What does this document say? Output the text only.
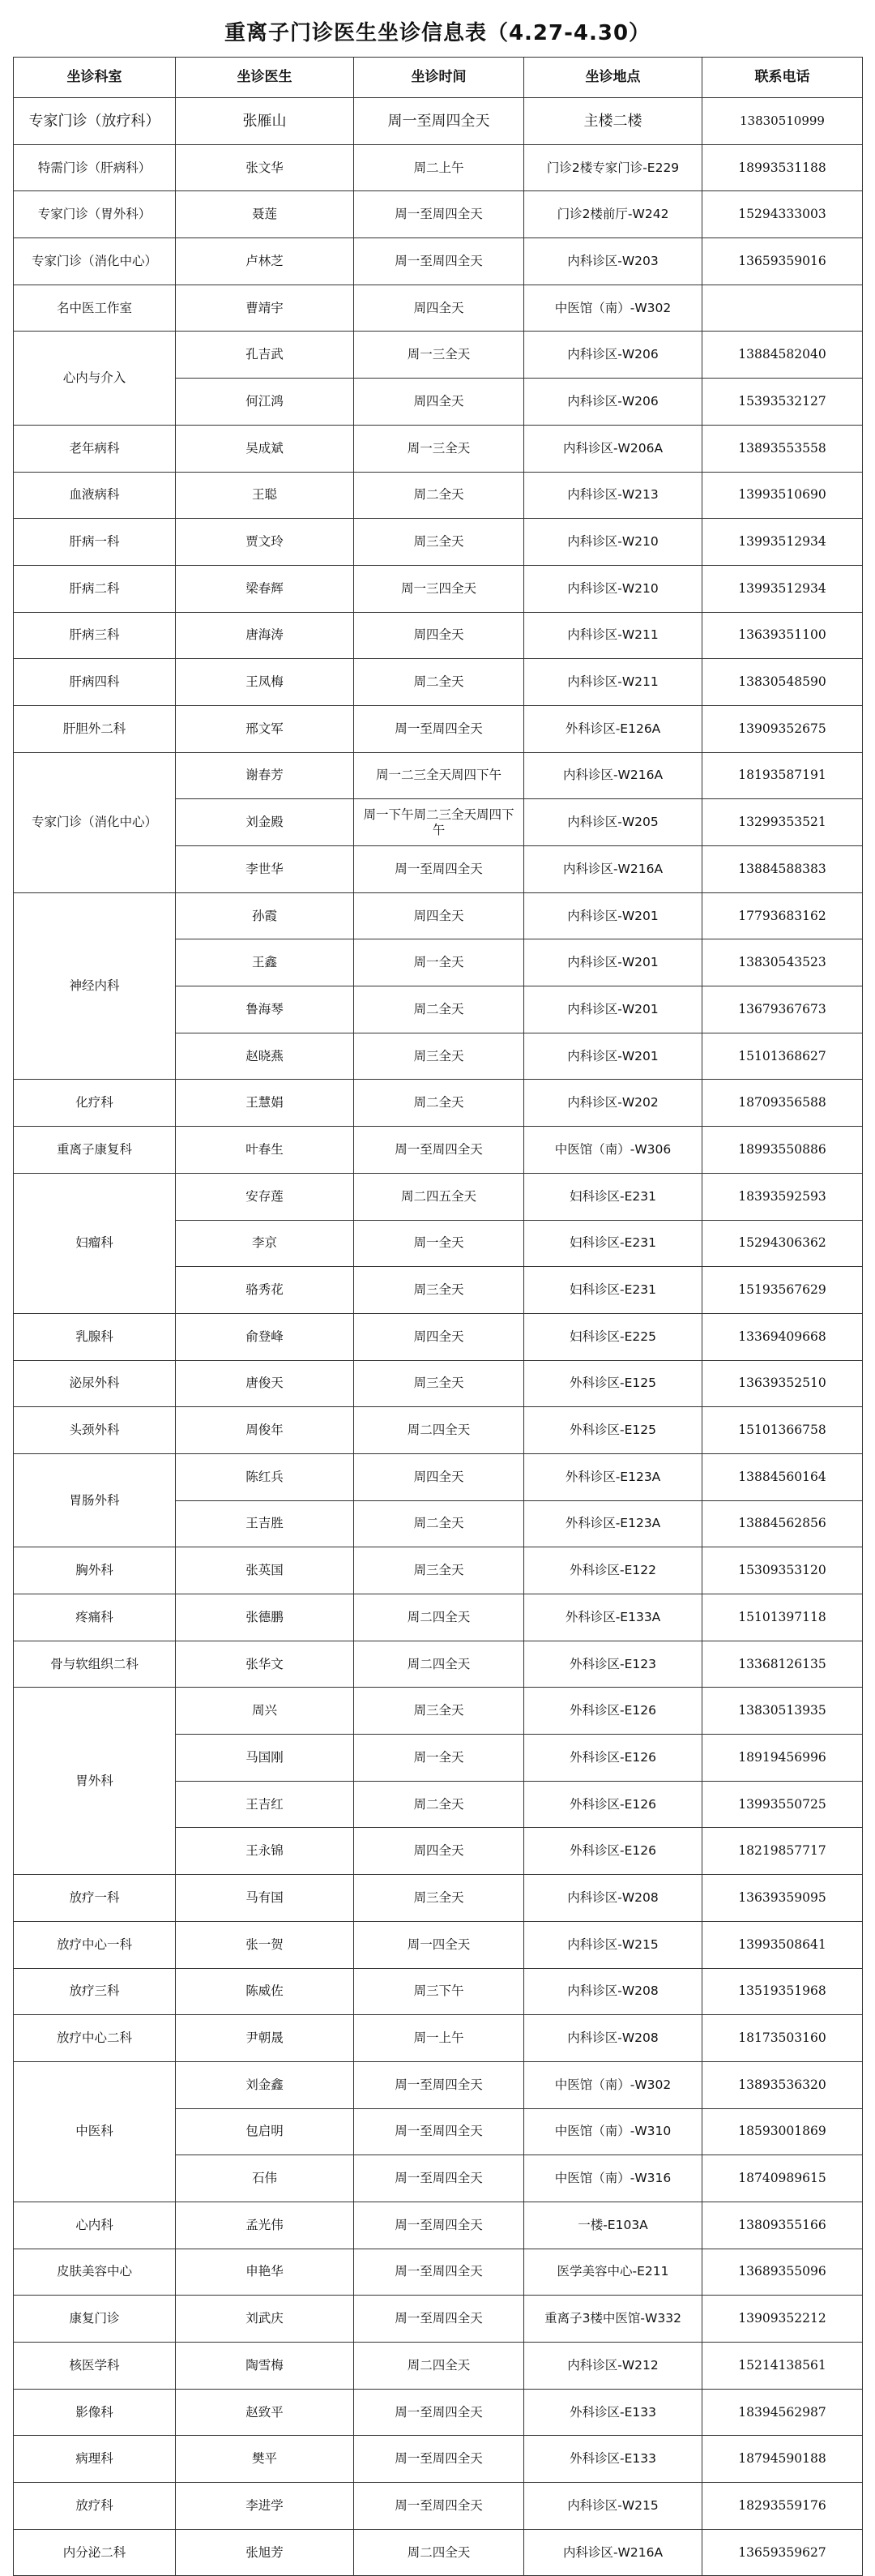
重离子门诊医生坐诊信息表（4.27-4.30）
坐诊科室	坐诊医生	坐诊时间	坐诊地点	联系电话
专家门诊（放疗科）	张雁山	周一至周四全天	主楼二楼	13830510999
特需门诊（肝病科）	张文华	周二上午	门诊2楼专家门诊-E229	18993531188
专家门诊（胃外科）	聂莲	周一至周四全天	门诊2楼前厅-W242	15294333003
专家门诊（消化中心）	卢林芝	周一至周四全天	内科诊区-W203	13659359016
名中医工作室	曹靖宇	周四全天	中医馆（南）-W302	
心内与介入	孔吉武	周一三全天	内科诊区-W206	13884582040
	何江鸿	周四全天	内科诊区-W206	15393532127
老年病科	吴成斌	周一三全天	内科诊区-W206A	13893553558
血液病科	王聪	周二全天	内科诊区-W213	13993510690
肝病一科	贾文玲	周三全天	内科诊区-W210	13993512934
肝病二科	梁春辉	周一三四全天	内科诊区-W210	13993512934
肝病三科	唐海涛	周四全天	内科诊区-W211	13639351100
肝病四科	王凤梅	周二全天	内科诊区-W211	13830548590
肝胆外二科	邢文军	周一至周四全天	外科诊区-E126A	13909352675
专家门诊（消化中心）	谢春芳	周一二三全天周四下午	内科诊区-W216A	18193587191
	刘金殿	周一下午周二三全天周四下午	内科诊区-W205	13299353521
	李世华	周一至周四全天	内科诊区-W216A	13884588383
神经内科	孙霞	周四全天	内科诊区-W201	17793683162
	王鑫	周一全天	内科诊区-W201	13830543523
	鲁海琴	周二全天	内科诊区-W201	13679367673
	赵晓燕	周三全天	内科诊区-W201	15101368627
化疗科	王慧娟	周二全天	内科诊区-W202	18709356588
重离子康复科	叶春生	周一至周四全天	中医馆（南）-W306	18993550886
妇瘤科	安存莲	周二四五全天	妇科诊区-E231	18393592593
	李京	周一全天	妇科诊区-E231	15294306362
	骆秀花	周三全天	妇科诊区-E231	15193567629
乳腺科	俞登峰	周四全天	妇科诊区-E225	13369409668
泌尿外科	唐俊天	周三全天	外科诊区-E125	13639352510
头颈外科	周俊年	周二四全天	外科诊区-E125	15101366758
胃肠外科	陈红兵	周四全天	外科诊区-E123A	13884560164
	王吉胜	周二全天	外科诊区-E123A	13884562856
胸外科	张英国	周三全天	外科诊区-E122	15309353120
疼痛科	张德鹏	周二四全天	外科诊区-E133A	15101397118
骨与软组织二科	张华文	周二四全天	外科诊区-E123	13368126135
胃外科	周兴	周三全天	外科诊区-E126	13830513935
	马国刚	周一全天	外科诊区-E126	18919456996
	王吉红	周二全天	外科诊区-E126	13993550725
	王永锦	周四全天	外科诊区-E126	18219857717
放疗一科	马有国	周三全天	内科诊区-W208	13639359095
放疗中心一科	张一贺	周一四全天	内科诊区-W215	13993508641
放疗三科	陈威佐	周三下午	内科诊区-W208	13519351968
放疗中心二科	尹朝晟	周一上午	内科诊区-W208	18173503160
中医科	刘金鑫	周一至周四全天	中医馆（南）-W302	13893536320
	包启明	周一至周四全天	中医馆（南）-W310	18593001869
	石伟	周一至周四全天	中医馆（南）-W316	18740989615
心内科	孟光伟	周一至周四全天	一楼-E103A	13809355166
皮肤美容中心	申艳华	周一至周四全天	医学美容中心-E211	13689355096
康复门诊	刘武庆	周一至周四全天	重离子3楼中医馆-W332	13909352212
核医学科	陶雪梅	周二四全天	内科诊区-W212	15214138561
影像科	赵致平	周一至周四全天	外科诊区-E133	18394562987
病理科	樊平	周一至周四全天	外科诊区-E133	18794590188
放疗科	李进学	周一至周四全天	内科诊区-W215	18293559176
内分泌二科	张旭芳	周二四全天	内科诊区-W216A	13659359627
